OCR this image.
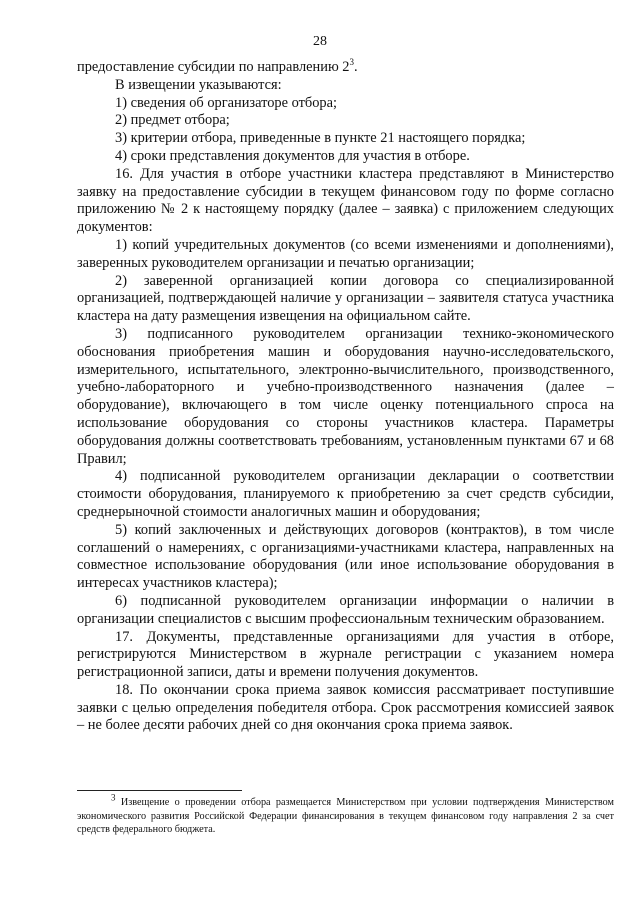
28

предоставление субсидии по направлению $2^3$.

В извещении указываются:

1) сведения об организаторе отбора;

2) предмет отбора;

3) критерии отбора, приведенные в пункте 21 настоящего порядка;

4) сроки представления документов для участия в отборе.

16. Для участия в отборе участники кластера представляют в Министерство заявку на предоставление субсидии в текущем финансовом году по форме согласно приложению № 2 к настоящему порядку (далее – заявка) с приложением следующих документов:

1) копий учредительных документов (со всеми изменениями и дополнениями), заверенных руководителем организации и печатью организации;

2) заверенной организацией копии договора со специализированной организацией, подтверждающей наличие у организации – заявителя статуса участника кластера на дату размещения извещения на официальном сайте.

3) подписанного руководителем организации технико-экономического обоснования приобретения машин и оборудования научно-исследовательского, измерительного, испытательного, электронно-вычислительного, производственного, учебно-лабораторного и учебно-производственного назначения (далее – оборудование), включающего в том числе оценку потенциального спроса на использование оборудования со стороны участников кластера. Параметры оборудования должны соответствовать требованиям, установленным пунктами 67 и 68 Правил;

4) подписанной руководителем организации декларации о соответствии стоимости оборудования, планируемого к приобретению за счет средств субсидии, среднерыночной стоимости аналогичных машин и оборудования;

5) копий заключенных и действующих договоров (контрактов), в том числе соглашений о намерениях, с организациями-участниками кластера, направленных на совместное использование оборудования (или иное использование оборудования в интересах участников кластера);

6) подписанной руководителем организации информации о наличии в организации специалистов с высшим профессиональным техническим образованием.

17. Документы, представленные организациями для участия в отборе, регистрируются Министерством в журнале регистрации с указанием номера регистрационной записи, даты и времени получения документов.

18. По окончании срока приема заявок комиссия рассматривает поступившие заявки с целью определения победителя отбора. Срок рассмотрения комиссией заявок – не более десяти рабочих дней со дня окончания срока приема заявок.

$^3$ Извещение о проведении отбора размещается Министерством при условии подтверждения Министерством экономического развития Российской Федерации финансирования в текущем финансовом году направления 2 за счет средств федерального бюджета.
